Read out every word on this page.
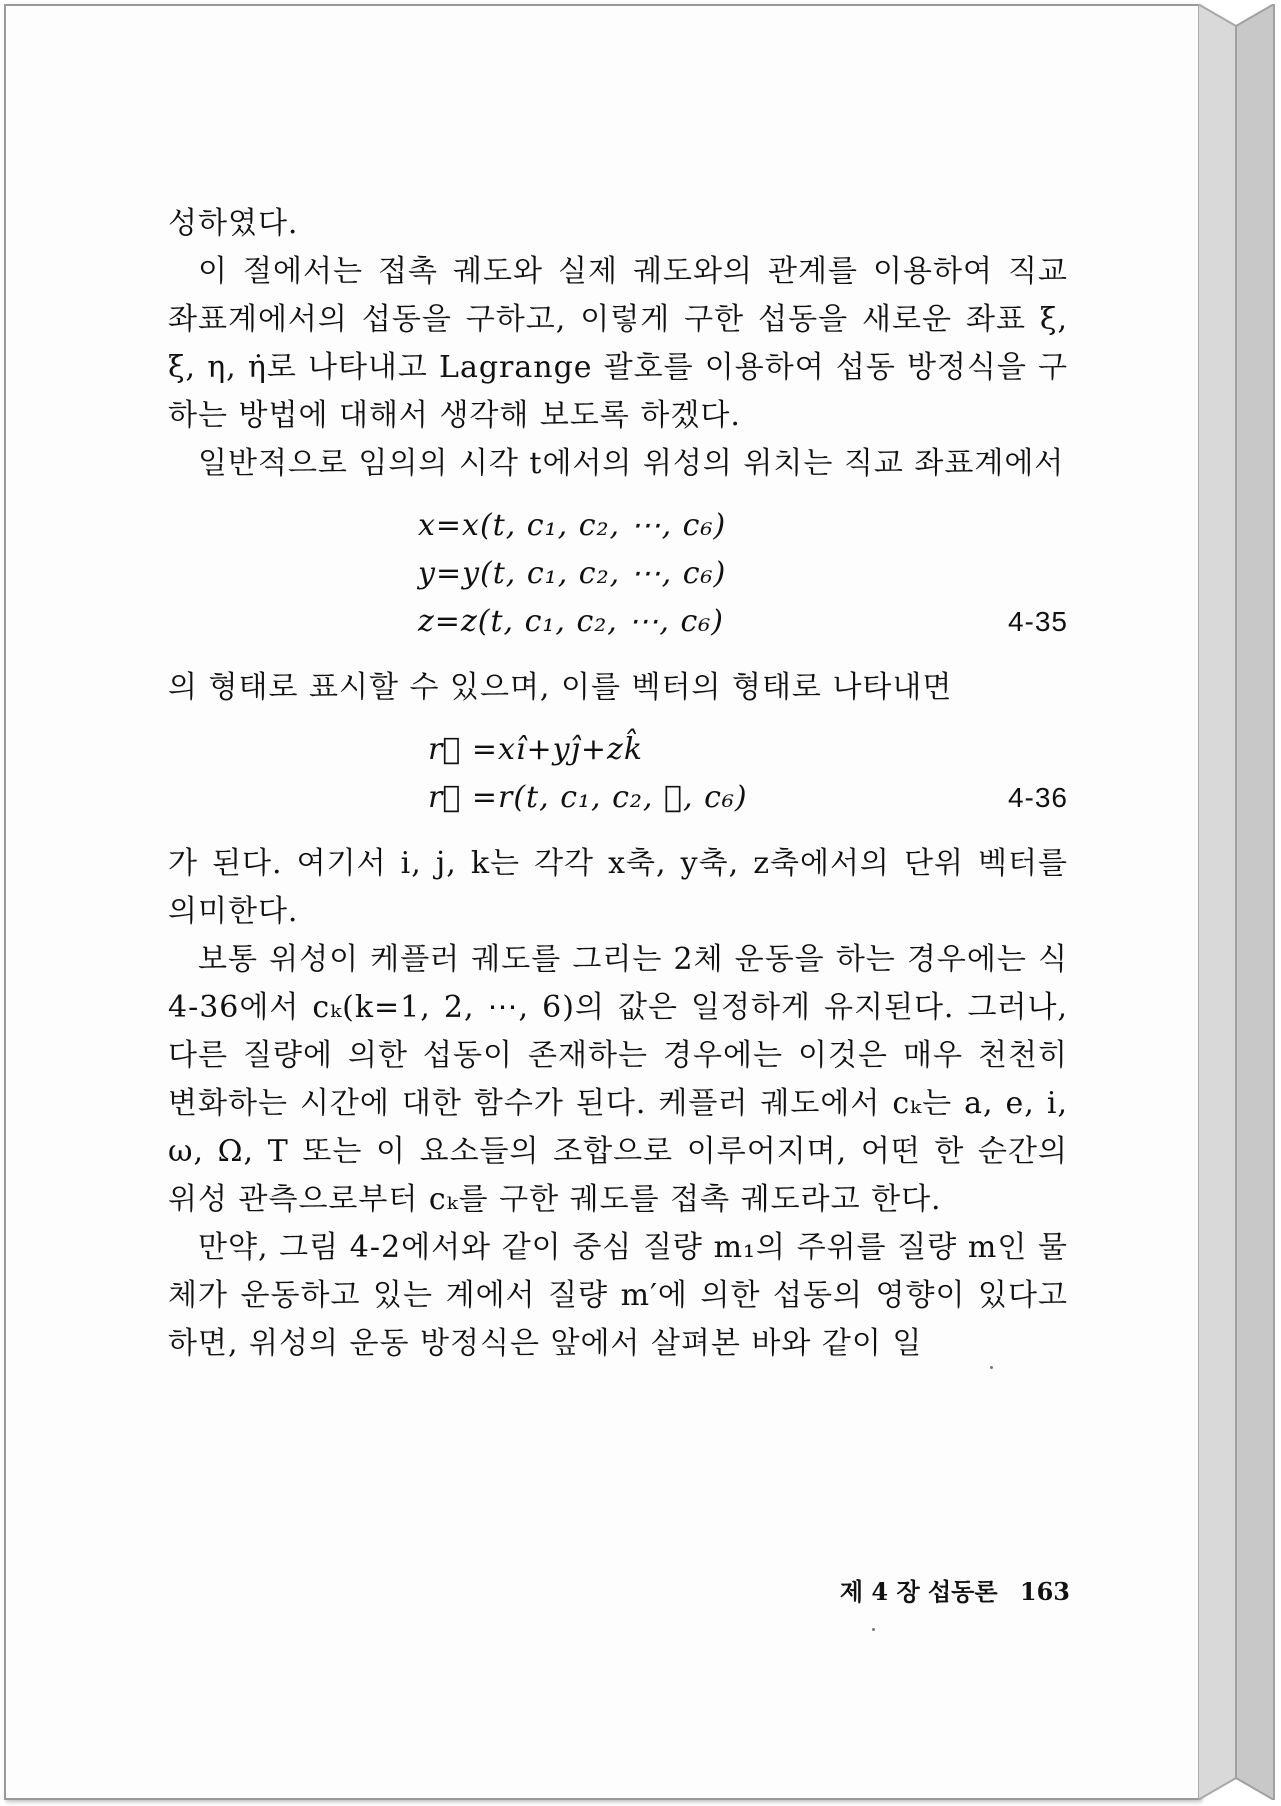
성하였다.

이 절에서는 접촉 궤도와 실제 궤도와의 관계를 이용하여 직교 좌표계에서의 섭동을 구하고, 이렇게 구한 섭동을 새로운 좌표 ξ, ξ̇, η, η̇로 나타내고 Lagrange 괄호를 이용하여 섭동 방정식을 구하는 방법에 대해서 생각해 보도록 하겠다.

일반적으로 임의의 시각 t에서의 위성의 위치는 직교 좌표계에서

x=x(t, c₁, c₂, ⋯, c₆)
y=y(t, c₁, c₂, ⋯, c₆)
z=z(t, c₁, c₂, ⋯, c₆)	4-35

의 형태로 표시할 수 있으며, 이를 벡터의 형태로 나타내면

r⃗ =xî+yĵ+zk̂
r⃗ =r(t, c₁, c₂, ⋯, c₆)	4-36

가 된다. 여기서 i, j, k는 각각 x축, y축, z축에서의 단위 벡터를 의미한다.

보통 위성이 케플러 궤도를 그리는 2체 운동을 하는 경우에는 식 4-36에서 cₖ(k=1, 2, ⋯, 6)의 값은 일정하게 유지된다. 그러나, 다른 질량에 의한 섭동이 존재하는 경우에는 이것은 매우 천천히 변화하는 시간에 대한 함수가 된다. 케플러 궤도에서 cₖ는 a, e, i, ω, Ω, T 또는 이 요소들의 조합으로 이루어지며, 어떤 한 순간의 위성 관측으로부터 cₖ를 구한 궤도를 접촉 궤도라고 한다.

만약, 그림 4-2에서와 같이 중심 질량 m₁의 주위를 질량 m인 물체가 운동하고 있는 계에서 질량 m′에 의한 섭동의 영향이 있다고 하면, 위성의 운동 방정식은 앞에서 살펴본 바와 같이 일

제 4 장 섭동론 163
